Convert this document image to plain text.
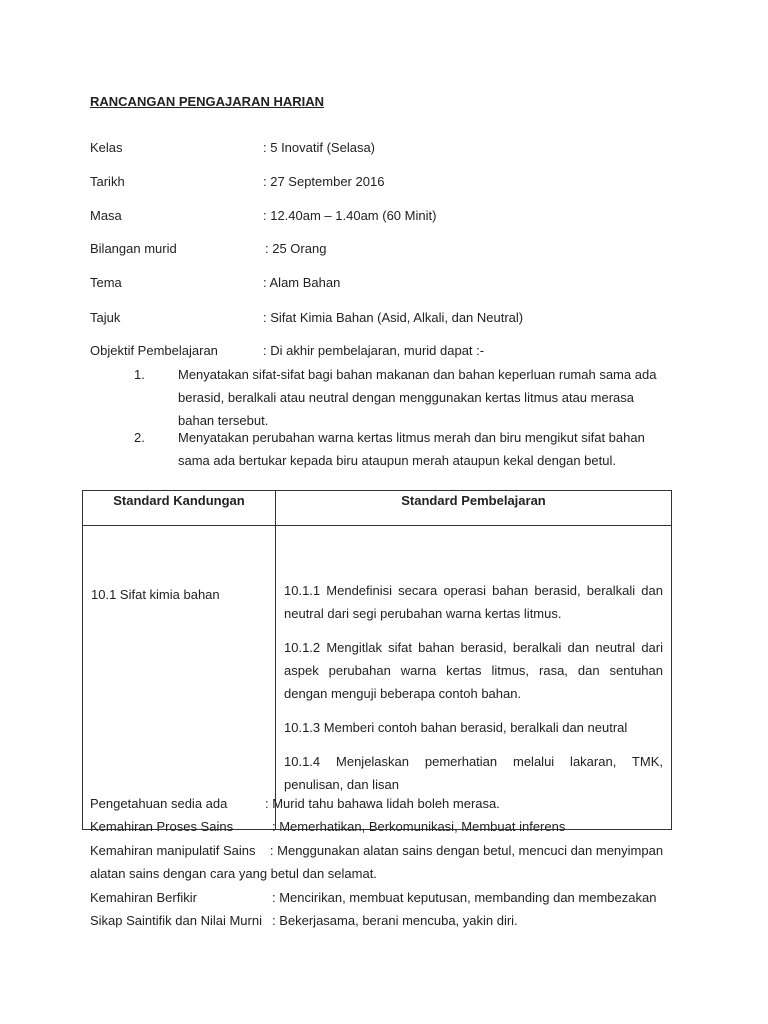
RANCANGAN PENGAJARAN HARIAN
Kelas	: 5 Inovatif (Selasa)
Tarikh	: 27 September 2016
Masa	: 12.40am – 1.40am (60 Minit)
Bilangan murid	: 25 Orang
Tema	: Alam Bahan
Tajuk	: Sifat Kimia Bahan (Asid, Alkali, dan Neutral)
Objektif Pembelajaran	: Di akhir pembelajaran, murid dapat :-
1.	Menyatakan sifat-sifat bagi bahan makanan dan bahan keperluan rumah sama ada
berasid, beralkali atau neutral dengan menggunakan kertas litmus atau merasa
bahan tersebut.
2.	Menyatakan perubahan warna kertas litmus merah dan biru mengikut sifat bahan
sama ada bertukar kepada biru ataupun merah ataupun kekal dengan betul.
Standard Kandungan	Standard Pembelajaran

10.1 Sifat kimia bahan	10.1.1 Mendefinisi secara operasi bahan berasid, beralkali dan neutral dari segi perubahan warna kertas litmus.

10.1.2 Mengitlak sifat bahan berasid, beralkali dan neutral dari aspek perubahan warna kertas litmus, rasa, dan sentuhan dengan menguji beberapa contoh bahan.

10.1.3 Memberi contoh bahan berasid, beralkali dan neutral

10.1.4 Menjelaskan pemerhatian melalui lakaran, TMK, penulisan, dan lisan

Pengetahuan sedia ada	: Murid tahu bahawa lidah boleh merasa.
Kemahiran Proses Sains	: Memerhatikan, Berkomunikasi, Membuat inferens
Kemahiran manipulatif Sains    : Menggunakan alatan sains dengan betul, mencuci dan menyimpan
alatan sains dengan cara yang betul dan selamat.
Kemahiran Berfikir	: Mencirikan, membuat keputusan, membanding dan membezakan
Sikap Saintifik dan Nilai Murni : Bekerjasama, berani mencuba, yakin diri.
